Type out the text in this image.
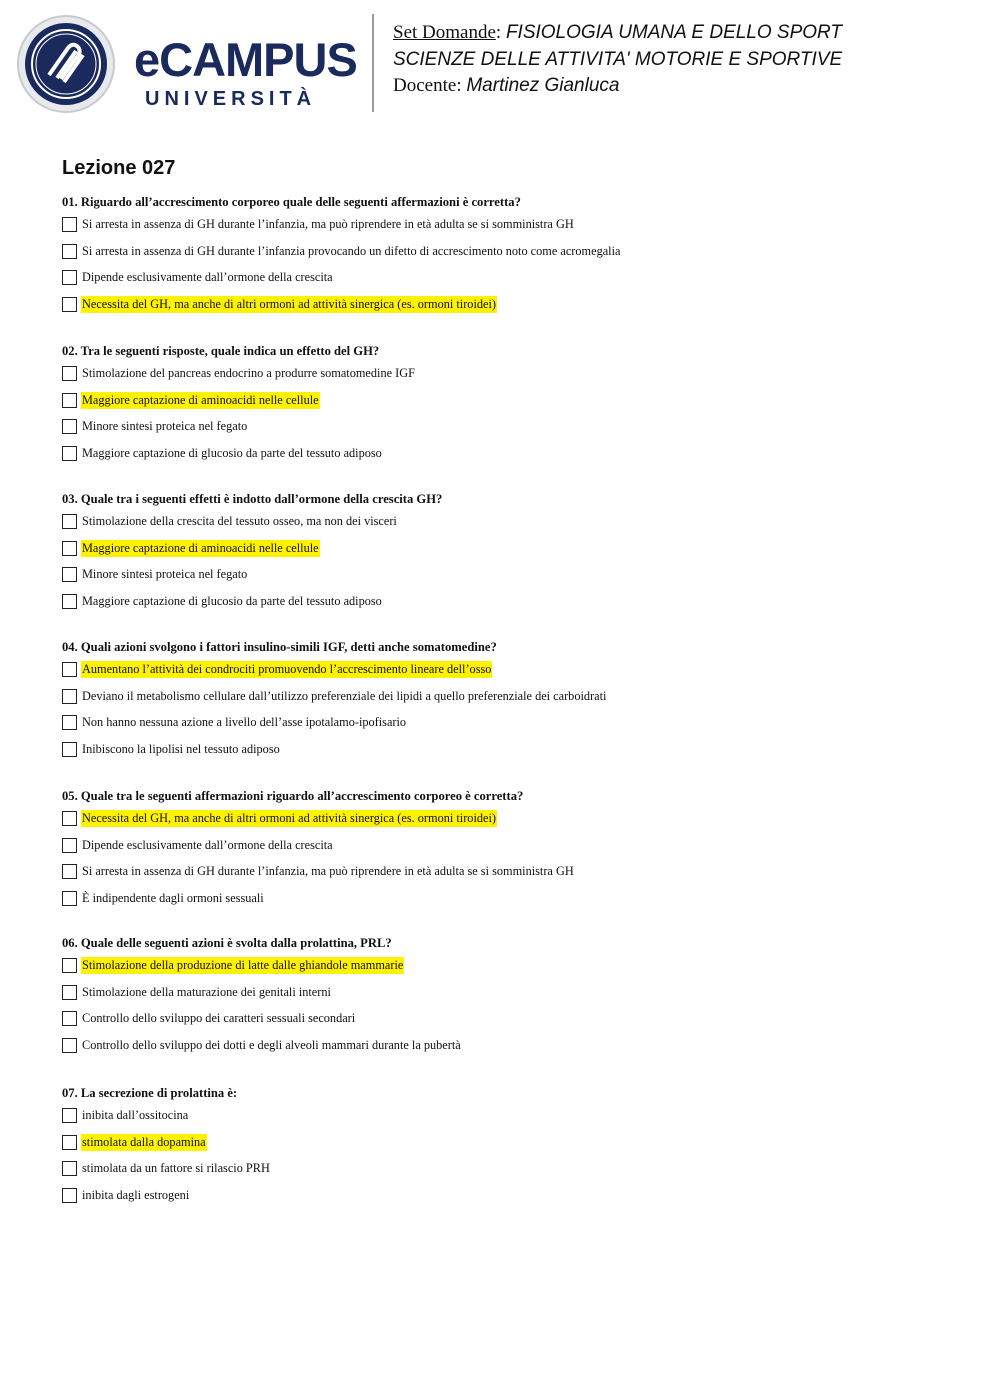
eCAMPUS
UNIVERSITÀ
Set Domande: FISIOLOGIA UMANA E DELLO SPORT
SCIENZE DELLE ATTIVITA' MOTORIE E SPORTIVE
Docente: Martinez Gianluca
Lezione 027
01. Riguardo all’accrescimento corporeo quale delle seguenti affermazioni è corretta?
Si arresta in assenza di GH durante l’infanzia, ma può riprendere in età adulta se si somministra GH
Si arresta in assenza di GH durante l’infanzia provocando un difetto di accrescimento noto come acromegalia
Dipende esclusivamente dall’ormone della crescita
Necessita del GH, ma anche di altri ormoni ad attività sinergica (es. ormoni tiroidei)
02. Tra le seguenti risposte, quale indica un effetto del GH?
Stimolazione del pancreas endocrino a produrre somatomedine IGF
Maggiore captazione di aminoacidi nelle cellule
Minore sintesi proteica nel fegato
Maggiore captazione di glucosio da parte del tessuto adiposo
03. Quale tra i seguenti effetti è indotto dall’ormone della crescita GH?
Stimolazione della crescita del tessuto osseo, ma non dei visceri
Maggiore captazione di aminoacidi nelle cellule
Minore sintesi proteica nel fegato
Maggiore captazione di glucosio da parte del tessuto adiposo
04. Quali azioni svolgono i fattori insulino-simili IGF, detti anche somatomedine?
Aumentano l’attività dei condrociti promuovendo l’accrescimento lineare dell’osso
Deviano il metabolismo cellulare dall’utilizzo preferenziale dei lipidi a quello preferenziale dei carboidrati
Non hanno nessuna azione a livello dell’asse ipotalamo-ipofisario
Inibiscono la lipolisi nel tessuto adiposo
05. Quale tra le seguenti affermazioni riguardo all’accrescimento corporeo è corretta?
Necessita del GH, ma anche di altri ormoni ad attività sinergica (es. ormoni tiroidei)
Dipende esclusivamente dall’ormone della crescita
Si arresta in assenza di GH durante l’infanzia, ma può riprendere in età adulta se si somministra GH
È indipendente dagli ormoni sessuali
06. Quale delle seguenti azioni è svolta dalla prolattina, PRL?
Stimolazione della produzione di latte dalle ghiandole mammarie
Stimolazione della maturazione dei genitali interni
Controllo dello sviluppo dei caratteri sessuali secondari
Controllo dello sviluppo dei dotti e degli alveoli mammari durante la pubertà
07. La secrezione di prolattina è:
inibita dall’ossitocina
stimolata dalla dopamina
stimolata da un fattore si rilascio PRH
inibita dagli estrogeni
